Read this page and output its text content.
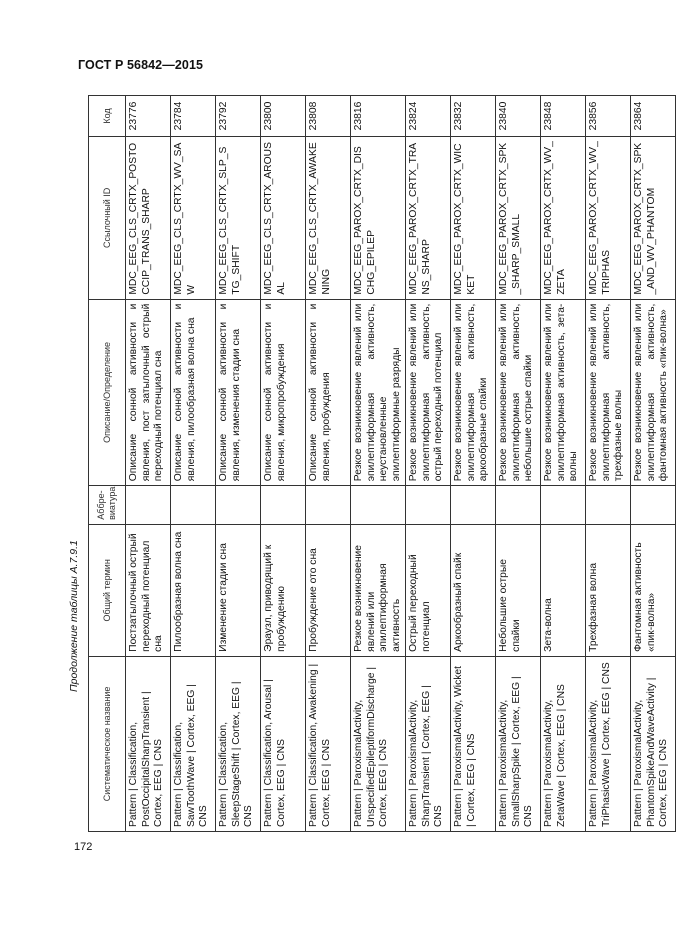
ГОСТ Р 56842—2015
Продолжение таблицы А.7.9.1
172
Систематическое название	Общий термин	Аббре-виатура	Описание/Определение	Ссылочный ID	Код
Pattern | Classification, PostOccipitalSharpTransient | Cortex, EEG | CNS	Постзатылочный острый переходный потенциал сна		Описание сонной активности и явления, пост затылочный острый переходный потенциал сна	MDC_EEG_CLS_CRTX_POSTOCCIP_TRANS_SHARP	23776
Pattern | Classification, SawToothWave | Cortex, EEG | CNS	Пилообразная волна сна		Описание сонной активности и явления, пилообразная волна сна	MDC_EEG_CLS_CRTX_WV_SAW	23784
Pattern | Classification, SleepStageShift | Cortex, EEG | CNS	Изменение стадии сна		Описание сонной активности и явления, изменения стадии сна	MDC_EEG_CLS_CRTX_SLP_STG_SHIFT	23792
Pattern | Classification, Arousal | Cortex, EEG | CNS	Эраузл, приводящий к пробуждению		Описание сонной активности и явления, микропробуждения	MDC_EEG_CLS_CRTX_AROUSAL	23800
Pattern | Classification, Awakening | Cortex, EEG | CNS	Пробуждение ото сна		Описание сонной активности и явления, пробуждения	MDC_EEG_CLS_CRTX_AWAKENING	23808
Pattern | ParoxismalActivity, UnspecifiedEpileptiformDischarge | Cortex, EEG | CNS	Резкое возникновение явлений или эпилептиформная активность		Резкое возникновение явлений или эпилептиформная активность, неустановленные эпилептиформные разряды	MDC_EEG_PAROX_CRTX_DISCHG_EPILEP	23816
Pattern | ParoxismalActivity, SharpTransient | Cortex, EEG | CNS	Острый переходный потенциал		Резкое возникновение явлений или эпилептиформная активность, острый переходный потенциал	MDC_EEG_PAROX_CRTX_TRANS_SHARP	23824
Pattern | ParoxismalActivity, Wicket | Cortex, EEG | CNS	Аркообразный спайк		Резкое возникновение явлений или эпилептиформная активность, аркообразные спайки	MDC_EEG_PAROX_CRTX_WICKET	23832
Pattern | ParoxismalActivity, SmallSharpSpike | Cortex, EEG | CNS	Небольшие острые спайки		Резкое возникновение явлений или эпилептиформная активность, небольшие острые спайки	MDC_EEG_PAROX_CRTX_SPK_SHARP_SMALL	23840
Pattern | ParoxismalActivity, ZetaWave | Cortex, EEG | CNS	Зета-волна		Резкое возникновение явлений или эпилептиформная активность, зета-волны	MDC_EEG_PAROX_CRTX_WV_ZETA	23848
Pattern | ParoxismalActivity, TriPhasicWave | Cortex, EEG | CNS	Трехфазная волна		Резкое возникновение явлений или эпилептиформная активность, трехфазные волны	MDC_EEG_PAROX_CRTX_WV_TRIPHAS	23856
Pattern | ParoxismalActivity, PhantomSpikeAndWaveActivity | Cortex, EEG | CNS	Фантомная активность «пик-волна»		Резкое возникновение явлений или эпилептиформная активность, фантомная активность «пик-волна»	MDC_EEG_PAROX_CRTX_SPK_AND_WV_PHANTOM	23864
